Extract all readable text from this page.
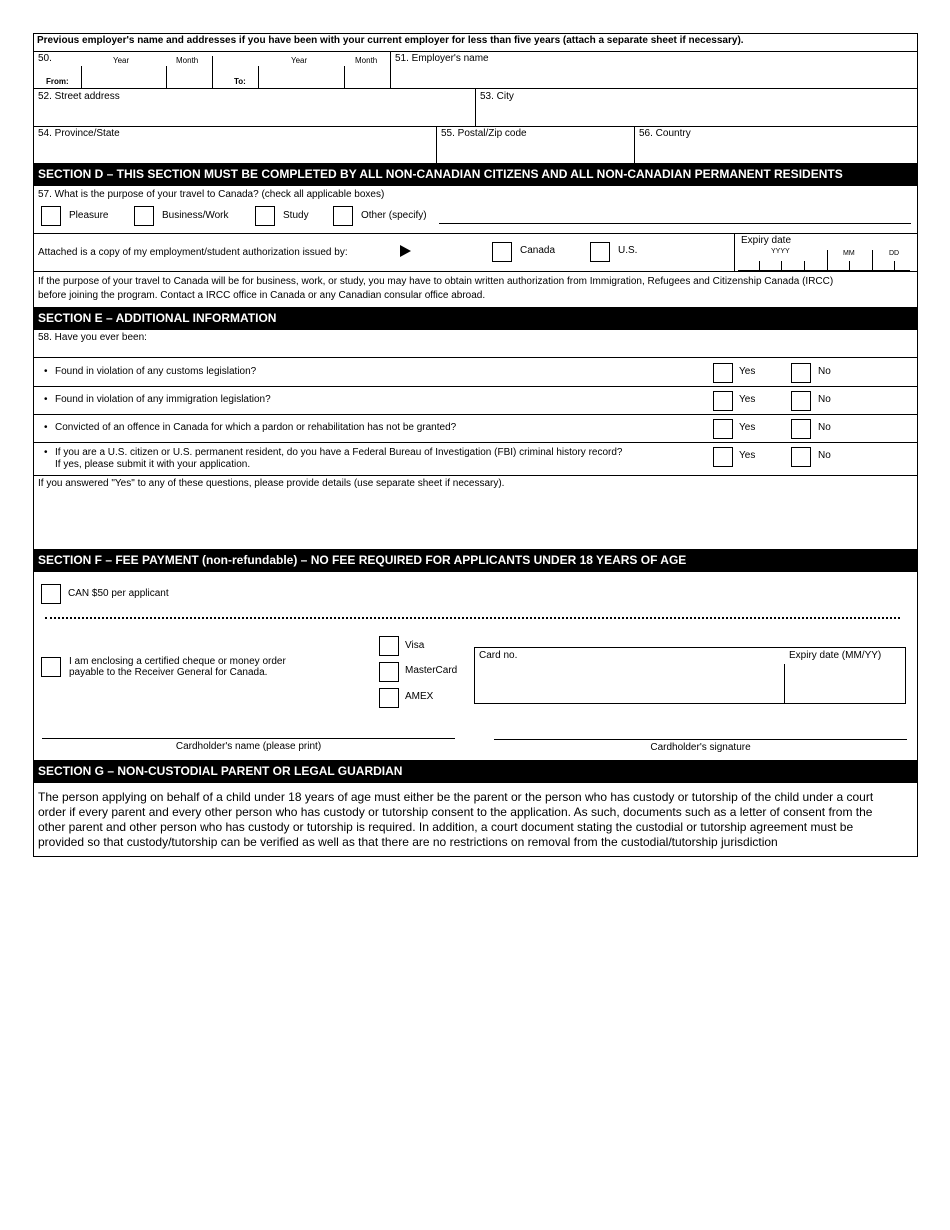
Previous employer's name and addresses if you have been with your current employer for less than five years (attach a separate sheet if necessary).
50.	Year	Month	Year	Month
From:	To:
51. Employer's name
52. Street address	53. City
54. Province/State	55. Postal/Zip code	56. Country
SECTION D – THIS SECTION MUST BE COMPLETED BY ALL NON-CANADIAN CITIZENS AND ALL NON-CANADIAN PERMANENT RESIDENTS
57. What is the purpose of your travel to Canada? (check all applicable boxes)
Pleasure	Business/Work	Study	Other (specify)
Attached is a copy of my employment/student authorization issued by:	Canada	U.S.
Expiry date
YYYY	MM	DD
If the purpose of your travel to Canada will be for business, work, or study, you may have to obtain written authorization from Immigration, Refugees and Citizenship Canada (IRCC)
before joining the program. Contact a IRCC office in Canada or any Canadian consular office abroad.
SECTION E – ADDITIONAL INFORMATION
58. Have you ever been:
• Found in violation of any customs legislation?	Yes	No
• Found in violation of any immigration legislation?	Yes	No
• Convicted of an offence in Canada for which a pardon or rehabilitation has not be granted?	Yes	No
• If you are a U.S. citizen or U.S. permanent resident, do you have a Federal Bureau of Investigation (FBI) criminal history record?
If yes, please submit it with your application.
Yes	No
If you answered "Yes" to any of these questions, please provide details (use separate sheet if necessary).
SECTION F – FEE PAYMENT (non-refundable) – NO FEE REQUIRED FOR APPLICANTS UNDER 18 YEARS OF AGE
CAN $50 per applicant
I am enclosing a certified cheque or money order
payable to the Receiver General for Canada.
Visa
MasterCard
AMEX
Card no.	Expiry date (MM/YY)
Cardholder's name (please print)	Cardholder's signature
SECTION G – NON-CUSTODIAL PARENT OR LEGAL GUARDIAN
The person applying on behalf of a child under 18 years of age must either be the parent or the person who has custody or tutorship of the child under a court
order if every parent and every other person who has custody or tutorship consent to the application. As such, documents such as a letter of consent from the
other parent and other person who has custody or tutorship is required. In addition, a court document stating the custodial or tutorship agreement must be
provided so that custody/tutorship can be verified as well as that there are no restrictions on removal from the custodial/tutorship jurisdiction
